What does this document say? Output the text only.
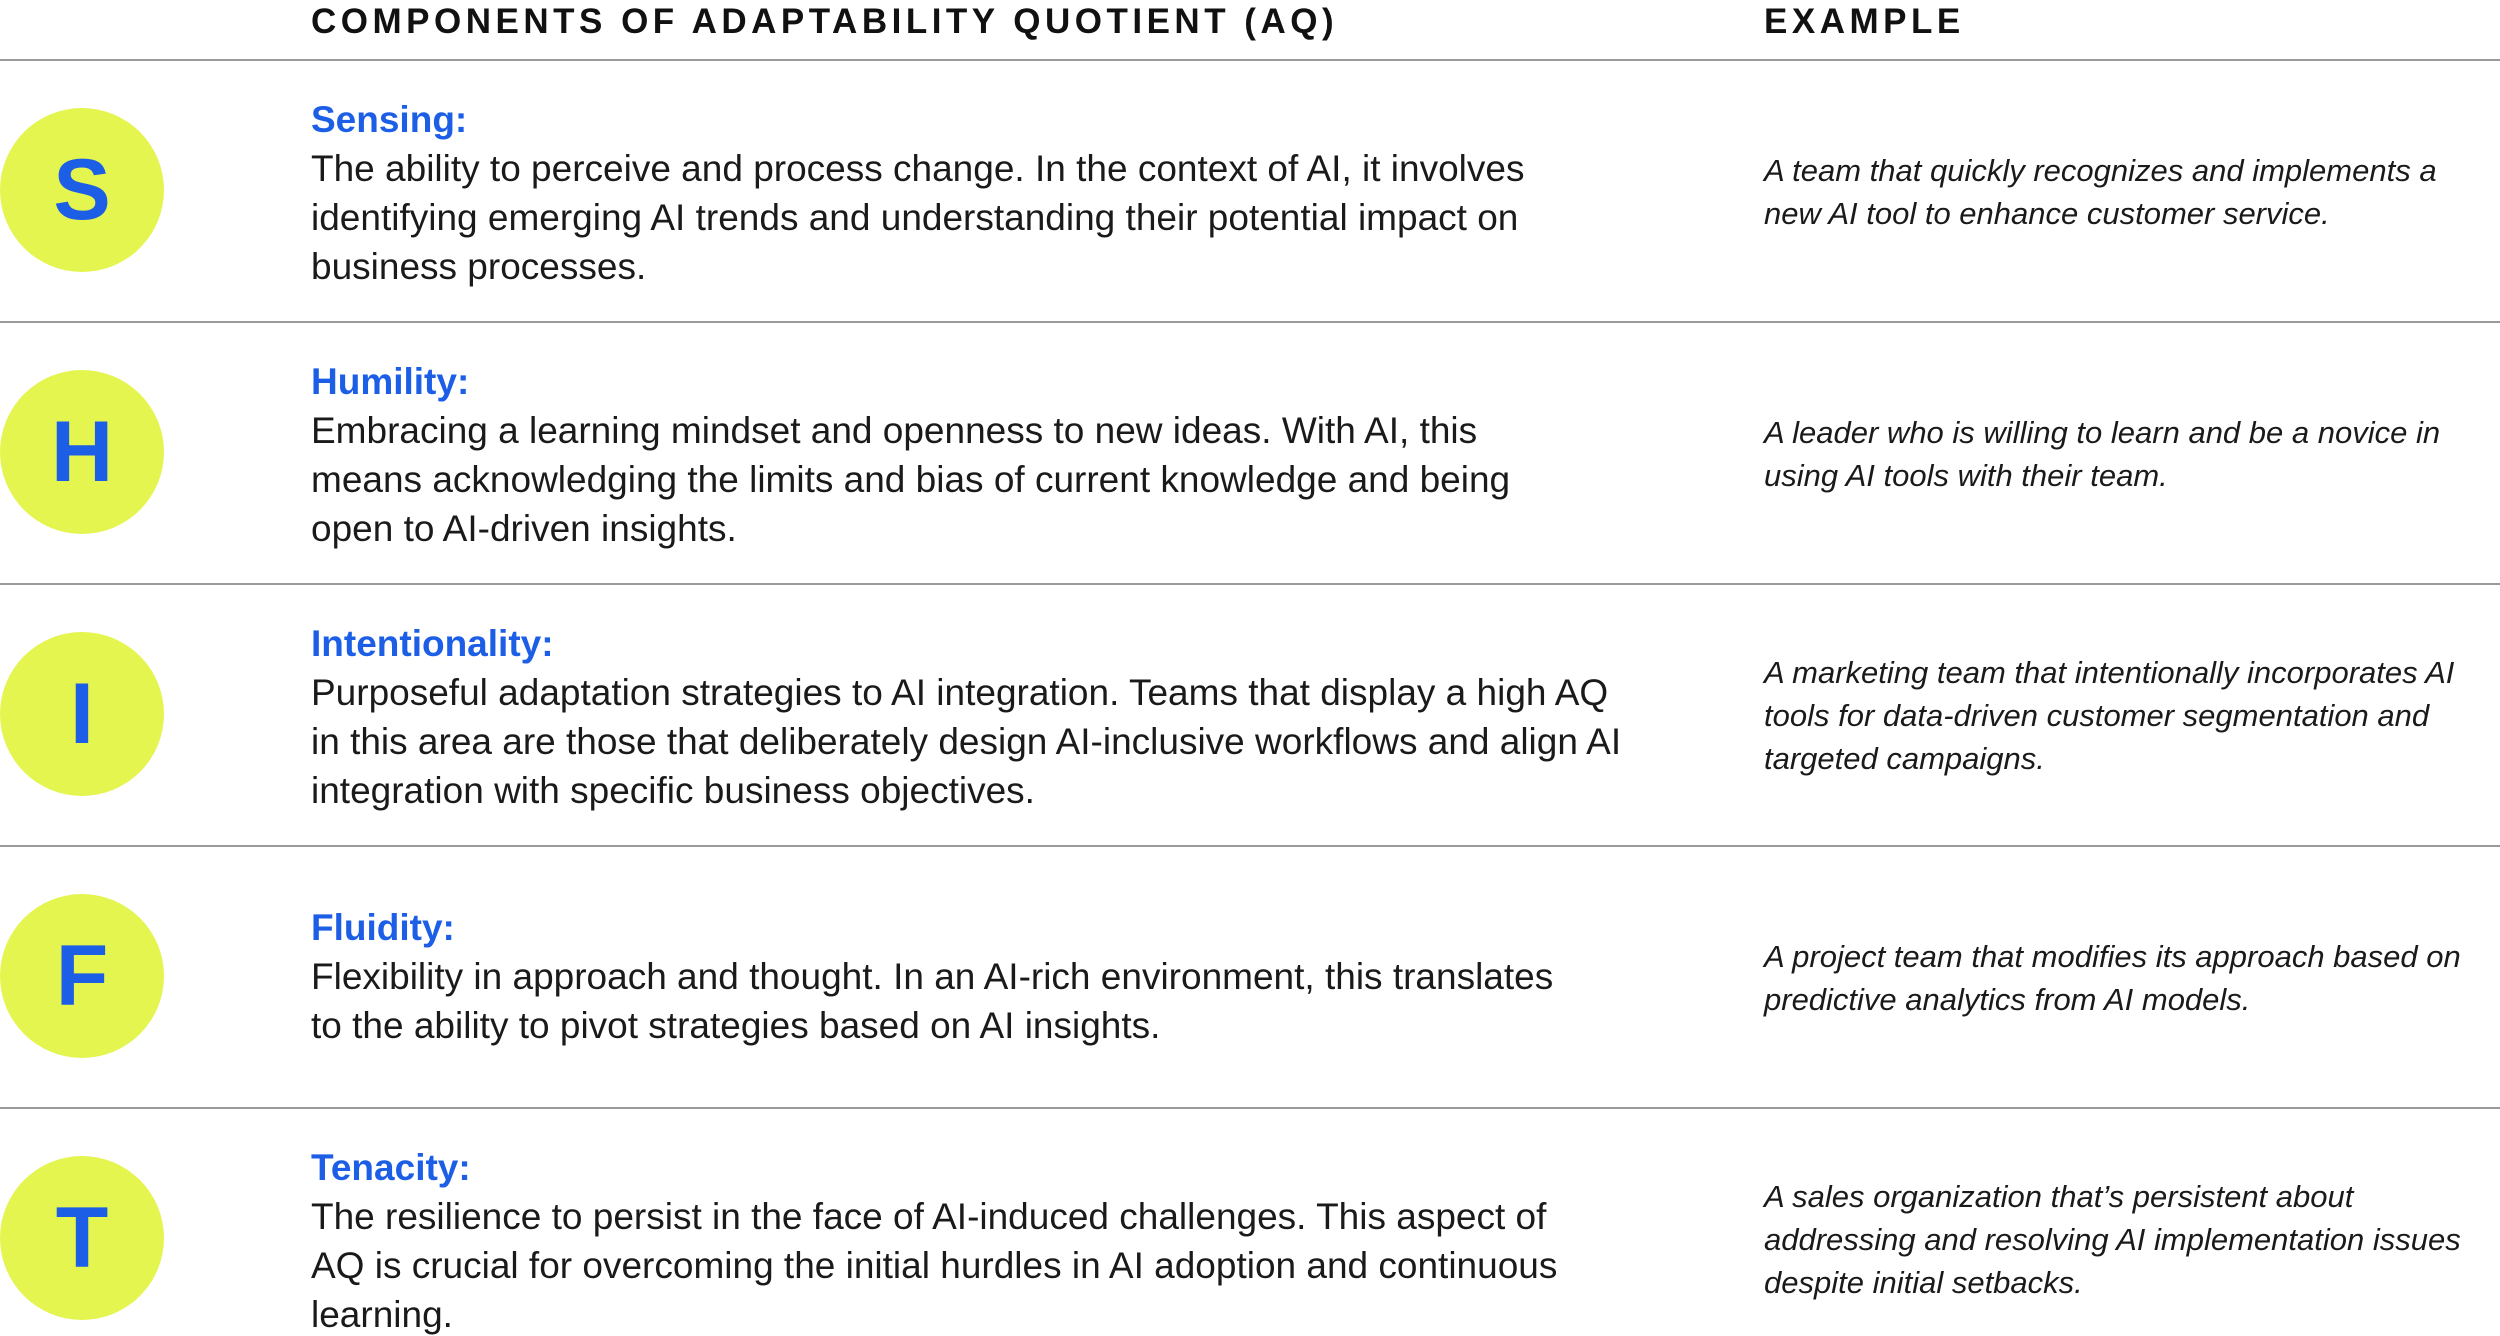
COMPONENTS OF ADAPTABILITY QUOTIENT (AQ)	EXAMPLE
S
Sensing:
The ability to perceive and process change. In the context of AI, it involves identifying emerging AI trends and understanding their potential impact on business processes.
A team that quickly recognizes and implements a new AI tool to enhance customer service.
H
Humility:
Embracing a learning mindset and openness to new ideas. With AI, this means acknowledging the limits and bias of current knowledge and being open to AI-driven insights.
A leader who is willing to learn and be a novice in using AI tools with their team.
I
Intentionality:
Purposeful adaptation strategies to AI integration. Teams that display a high AQ in this area are those that deliberately design AI-inclusive workflows and align AI integration with specific business objectives.
A marketing team that intentionally incorporates AI tools for data-driven customer segmentation and targeted campaigns.
F
Fluidity:
Flexibility in approach and thought. In an AI-rich environment, this translates to the ability to pivot strategies based on AI insights.
A project team that modifies its approach based on predictive analytics from AI models.
T
Tenacity:
The resilience to persist in the face of AI-induced challenges. This aspect of AQ is crucial for overcoming the initial hurdles in AI adoption and continuous learning.
A sales organization that’s persistent about addressing and resolving AI implementation issues despite initial setbacks.
